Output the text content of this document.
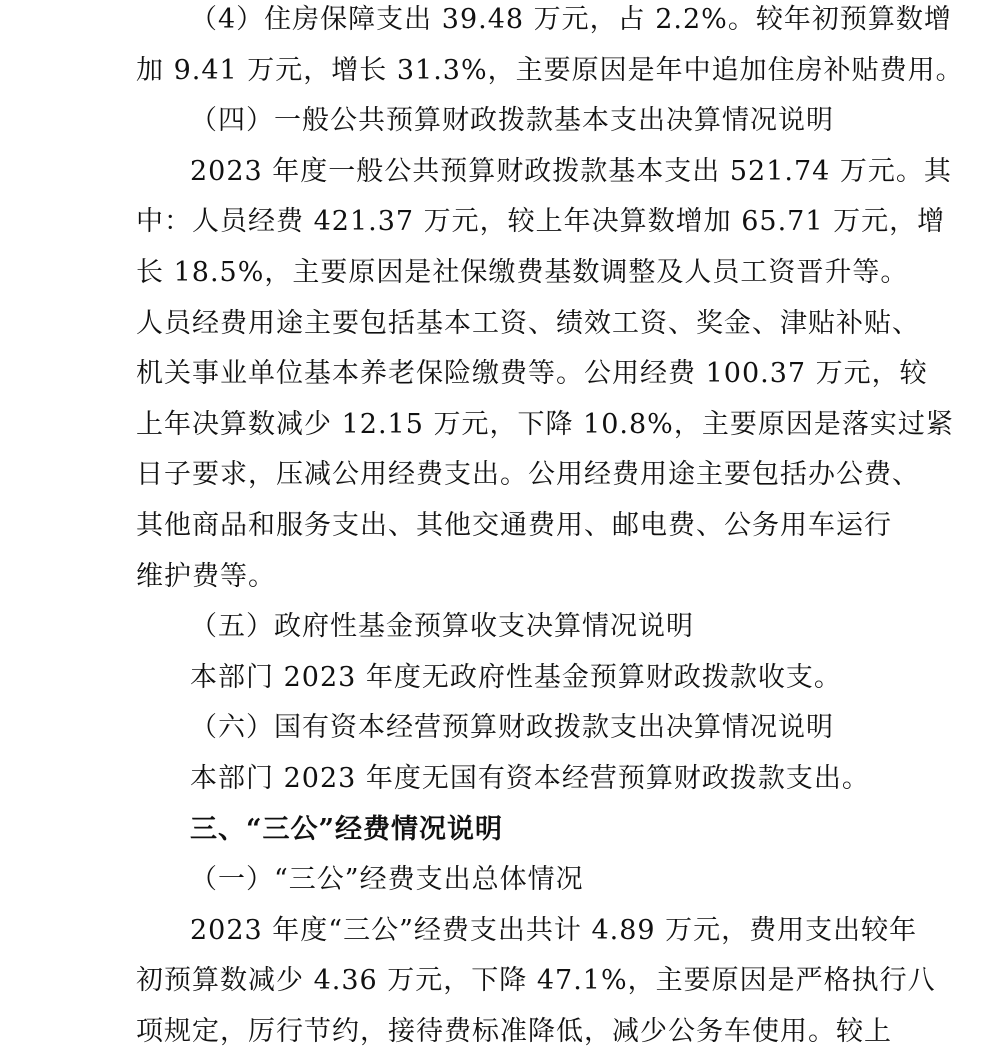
（4）住房保障支出 39.48 万元，占 2.2%。较年初预算数增
加 9.41 万元，增长 31.3%，主要原因是年中追加住房补贴费用。
（四）一般公共预算财政拨款基本支出决算情况说明
2023 年度一般公共预算财政拨款基本支出 521.74 万元。其
中：人员经费 421.37 万元，较上年决算数增加 65.71 万元，增
长 18.5%，主要原因是社保缴费基数调整及人员工资晋升等。
人员经费用途主要包括基本工资、绩效工资、奖金、津贴补贴、
机关事业单位基本养老保险缴费等。公用经费 100.37 万元，较
上年决算数减少 12.15 万元，下降 10.8%，主要原因是落实过紧
日子要求，压减公用经费支出。公用经费用途主要包括办公费、
其他商品和服务支出、其他交通费用、邮电费、公务用车运行
维护费等。
（五）政府性基金预算收支决算情况说明
本部门 2023 年度无政府性基金预算财政拨款收支。
（六）国有资本经营预算财政拨款支出决算情况说明
本部门 2023 年度无国有资本经营预算财政拨款支出。
三、“三公”经费情况说明
（一）“三公”经费支出总体情况
2023 年度“三公”经费支出共计 4.89 万元，费用支出较年
初预算数减少 4.36 万元，下降 47.1%，主要原因是严格执行八
项规定，厉行节约，接待费标准降低，减少公务车使用。较上
